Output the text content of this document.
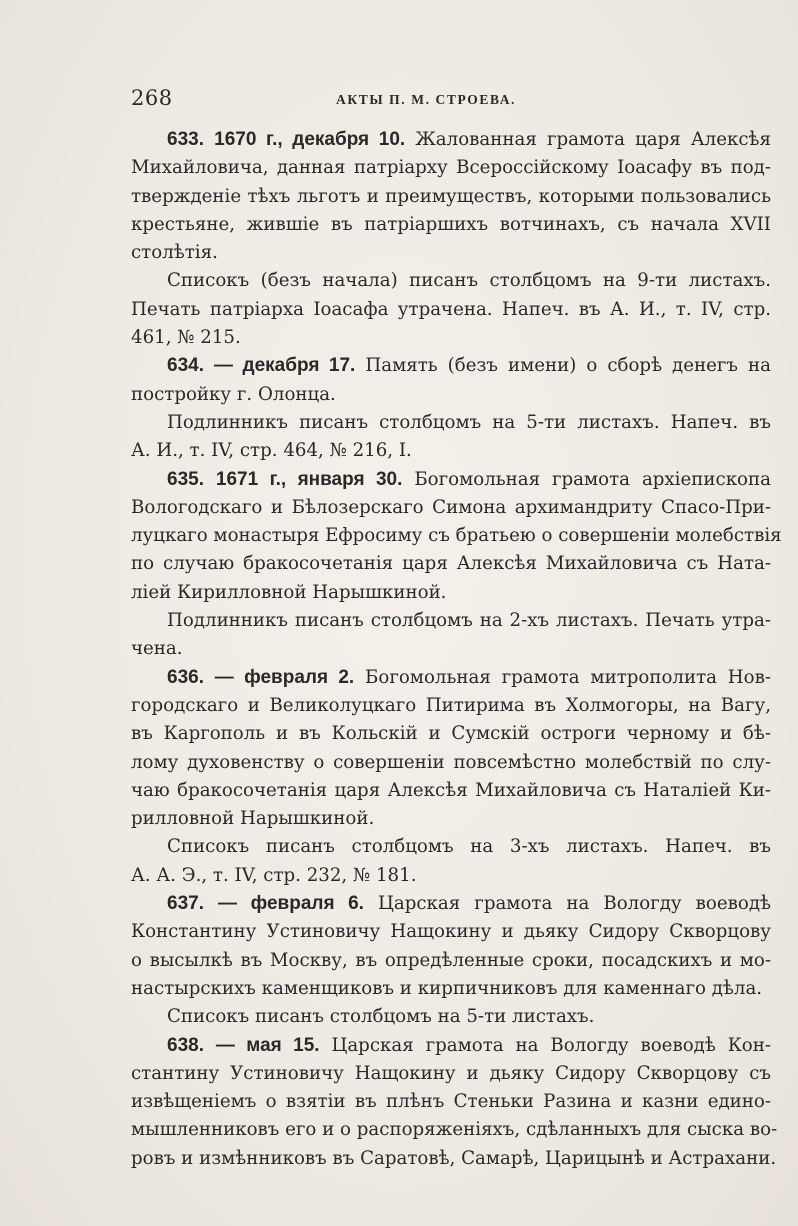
268	АКТЫ П. М. СТРОЕВА.
633. 1670 г., декабря 10. Жалованная грамота царя Алексѣя
Михайловича, данная патріарху Всероссійскому Іоасафу въ под-
твержденіе тѣхъ льготъ и преимуществъ, которыми пользовались
крестьяне, жившіе въ патріаршихъ вотчинахъ, съ начала XVII
столѣтія.
Списокъ (безъ начала) писанъ столбцомъ на 9-ти листахъ.
Печать патріарха Іоасафа утрачена. Напеч. въ А. И., т. IV, стр.
461, № 215.
634. — декабря 17. Память (безъ имени) о сборѣ денегъ на
постройку г. Олонца.
Подлинникъ писанъ столбцомъ на 5-ти листахъ. Напеч. въ
А. И., т. IV, стр. 464, № 216, I.
635. 1671 г., января 30. Богомольная грамота архіепископа
Вологодскаго и Бѣлозерскаго Симона архимандриту Спасо-При-
луцкаго монастыря Ефросиму съ братьею о совершеніи молебствія
по случаю бракосочетанія царя Алексѣя Михайловича съ Ната-
ліей Кирилловной Нарышкиной.
Подлинникъ писанъ столбцомъ на 2-хъ листахъ. Печать утра-
чена.
636. — февраля 2. Богомольная грамота митрополита Нов-
городскаго и Великолуцкаго Питирима въ Холмогоры, на Вагу,
въ Каргополь и въ Кольскій и Сумскій остроги черному и бѣ-
лому духовенству о совершеніи повсемѣстно молебствій по слу-
чаю бракосочетанія царя Алексѣя Михайловича съ Наталіей Ки-
рилловной Нарышкиной.
Списокъ писанъ столбцомъ на 3-хъ листахъ. Напеч. въ
А. А. Э., т. IV, стр. 232, № 181.
637. — февраля 6. Царская грамота на Вологду воеводѣ
Константину Устиновичу Нащокину и дьяку Сидору Скворцову
о высылкѣ въ Москву, въ опредѣленные сроки, посадскихъ и мо-
настырскихъ каменщиковъ и кирпичниковъ для каменнаго дѣла.
Списокъ писанъ столбцомъ на 5-ти листахъ.
638. — мая 15. Царская грамота на Вологду воеводѣ Кон-
стантину Устиновичу Нащокину и дьяку Сидору Скворцову съ
извѣщеніемъ о взятіи въ плѣнъ Стеньки Разина и казни едино-
мышленниковъ его и о распоряженіяхъ, сдѣланныхъ для сыска во-
ровъ и измѣнниковъ въ Саратовѣ, Самарѣ, Царицынѣ и Астрахани.
